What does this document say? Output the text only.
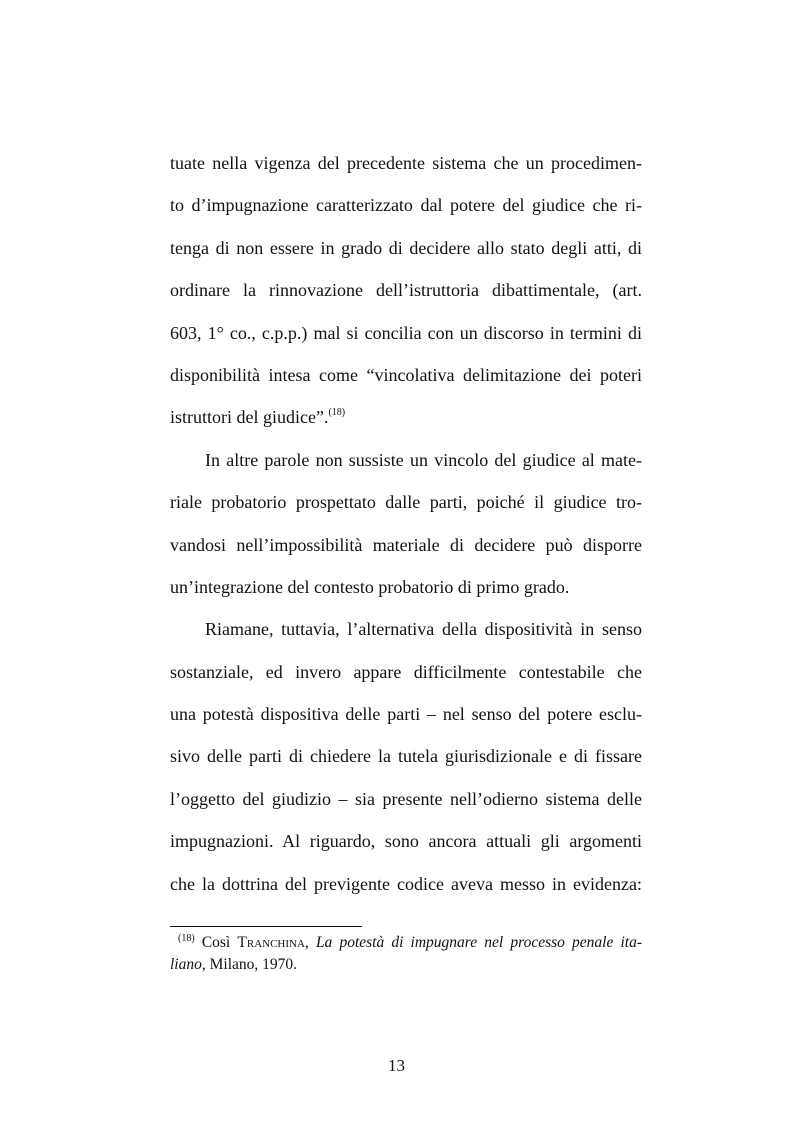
tuate nella vigenza del precedente sistema che un procedimen-
to d’impugnazione caratterizzato dal potere del giudice che ri-
tenga di non essere in grado di decidere allo stato degli atti, di
ordinare la rinnovazione dell’istruttoria dibattimentale, (art.
603, 1° co., c.p.p.) mal si concilia con un discorso in termini di
disponibilità intesa come “vincolativa delimitazione dei poteri
istruttori del giudice”.$^{(18)}$
In altre parole non sussiste un vincolo del giudice al mate-
riale probatorio prospettato dalle parti, poiché il giudice tro-
vandosi nell’impossibilità materiale di decidere può disporre
un’integrazione del contesto probatorio di primo grado.
Riamane, tuttavia, l’alternativa della dispositività in senso
sostanziale, ed invero appare difficilmente contestabile che
una potestà dispositiva delle parti – nel senso del potere esclu-
sivo delle parti di chiedere la tutela giurisdizionale e di fissare
l’oggetto del giudizio – sia presente nell’odierno sistema delle
impugnazioni. Al riguardo, sono ancora attuali gli argomenti
che la dottrina del previgente codice aveva messo in evidenza:
$^{(18)}$ Così Tranchina, La potestà di impugnare nel processo penale ita-
liano, Milano, 1970.
13
